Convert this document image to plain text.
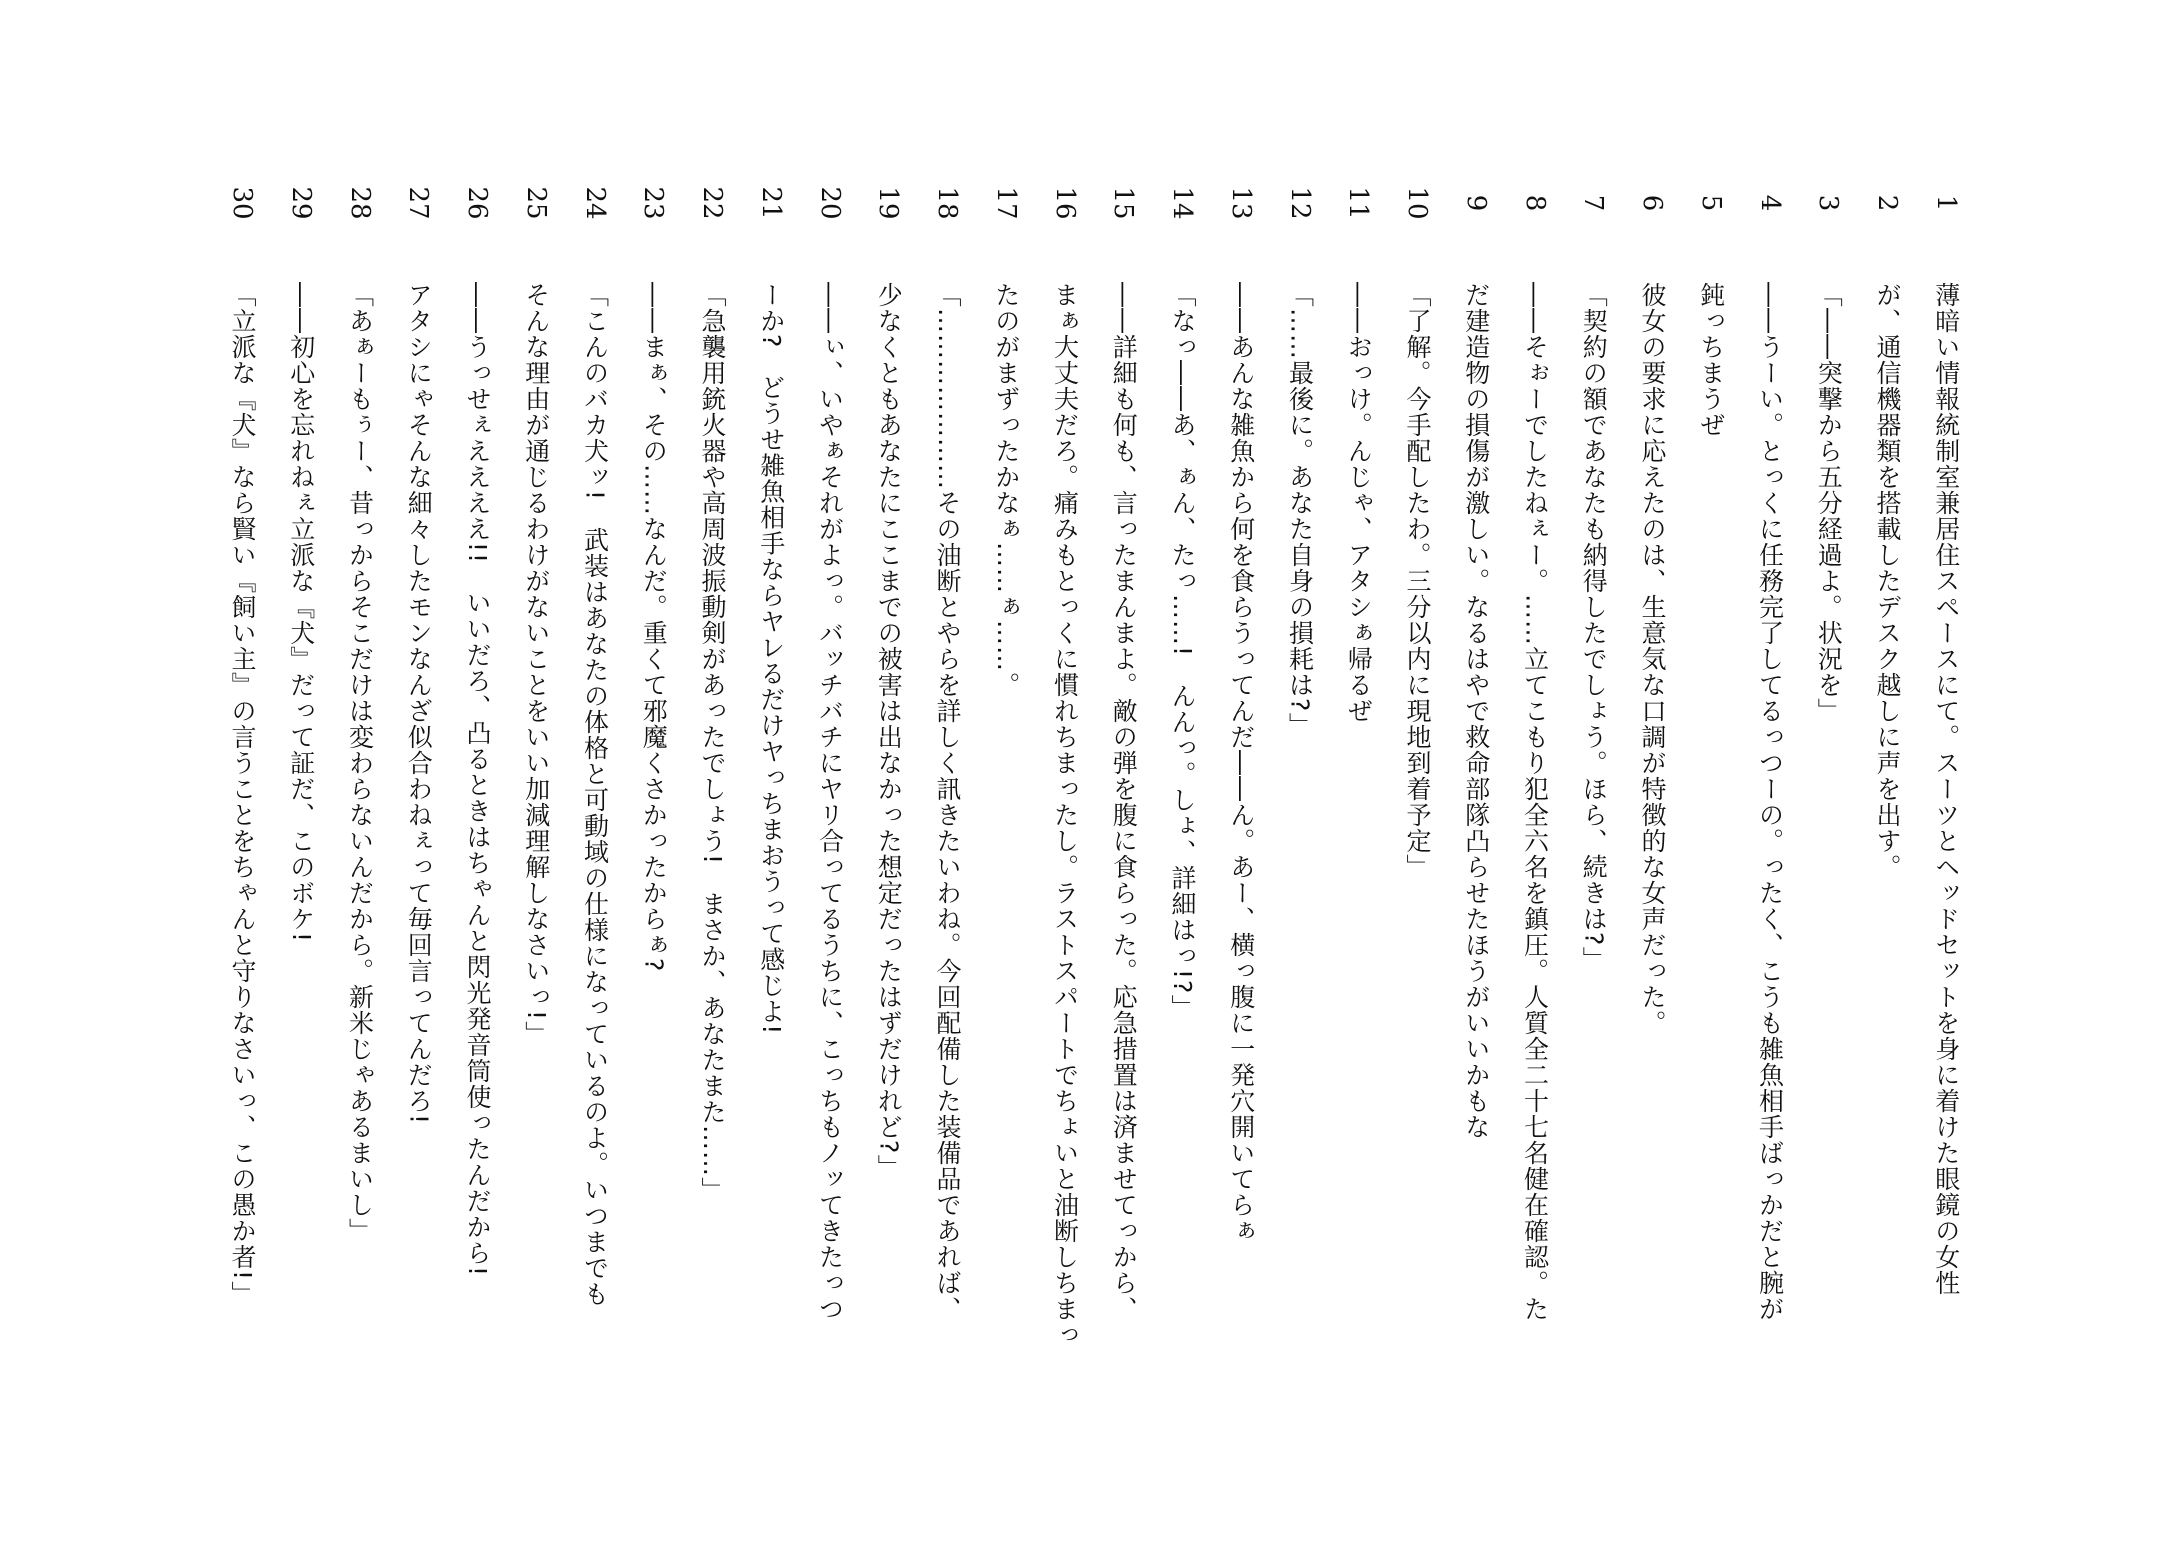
1
薄暗い情報統制室兼居住スペースにて。スーツとヘッドセットを身に着けた眼鏡の女性
2
が、通信機器類を搭載したデスク越しに声を出す。
3
「――突撃から五分経過よ。状況を」
4
――うーい。とっくに任務完了してるっつーの。ったく、こうも雑魚相手ばっかだと腕が
5
鈍っちまうぜ
6
彼女の要求に応えたのは、生意気な口調が特徴的な女声だった。
7
「契約の額であなたも納得したでしょう。ほら、続きは?」
8
――そぉーでしたねぇー。……立てこもり犯全六名を鎮圧。人質全二十七名健在確認。た
9
だ建造物の損傷が激しい。なるはやで救命部隊凸らせたほうがいいかもな
10
「了解。今手配したわ。三分以内に現地到着予定」
11
――おっけ。んじゃ、アタシぁ帰るぜ
12
「……最後に。あなた自身の損耗は?」
13
――あんな雑魚から何を食らうってんだ――ん。あー、横っ腹に一発穴開いてらぁ
14
「なっ――あ、ぁん、たっ……!　んんっ。しょ、詳細はっ!?」
15
――詳細も何も、言ったまんまよ。敵の弾を腹に食らった。応急措置は済ませてっから、
16
まぁ大丈夫だろ。痛みもとっくに慣れちまったし。ラストスパートでちょいと油断しちまっ
17
たのがまずったかなぁ……ぁ……。
18
「…………………その油断とやらを詳しく訊きたいわね。今回配備した装備品であれば、
19
少なくともあなたにここまでの被害は出なかった想定だったはずだけれど?」
20
――ぃ、いやぁそれがよっ。バッチバチにヤリ合ってるうちに、こっちもノッてきたっつ
21
ーか?　どうせ雑魚相手ならヤレるだけヤっちまおうって感じよ!
22
「急襲用銃火器や高周波振動剣があったでしょう!　まさか、あなたまた……」
23
――まぁ、その……なんだ。重くて邪魔くさかったからぁ?
24
「こんのバカ犬ッ!　武装はあなたの体格と可動域の仕様になっているのよ。いつまでも
25
そんな理由が通じるわけがないことをいい加減理解しなさいっ!」
26
――うっせぇええええ!!　いいだろ、凸るときはちゃんと閃光発音筒使ったんだから!
27
アタシにゃそんな細々したモンなんざ似合わねぇって毎回言ってんだろ!
28
「あぁーもぅー、昔っからそこだけは変わらないんだから。新米じゃあるまいし」
29
――初心を忘れねぇ立派な『犬』だって証だ、このボケ!
30
「立派な『犬』なら賢い『飼い主』の言うことをちゃんと守りなさいっ、この愚か者!」
